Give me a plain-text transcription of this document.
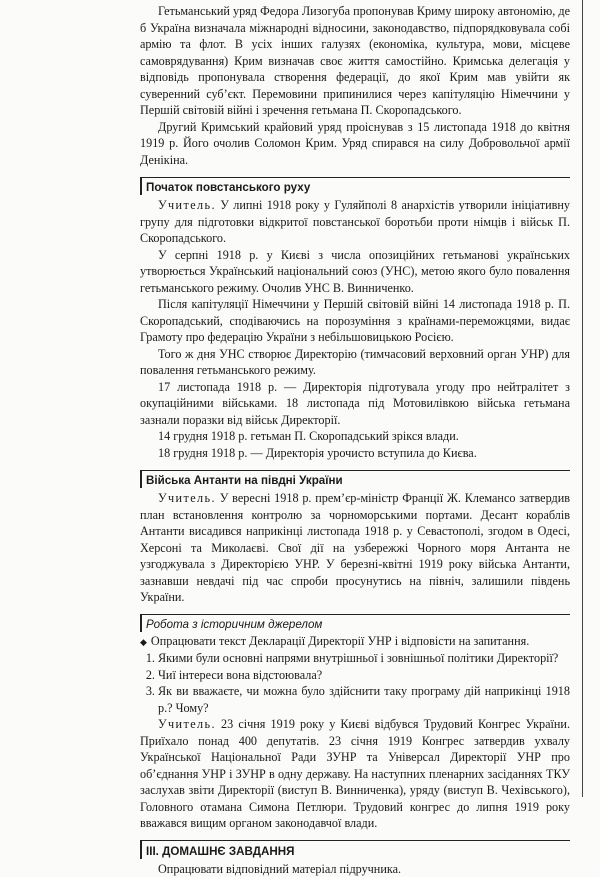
Гетьманський уряд Федора Лизогуба пропонував Криму широку автономію, де б Україна визначала міжнародні відносини, законодавство, підпорядковувала собі армію та флот. В усіх інших галузях (економіка, культура, мови, місцеве самоврядування) Крим визначав своє життя самостійно. Кримська делегація у відповідь пропонувала створення федерації, до якої Крим мав увійти як суверенний суб’єкт. Перемовини припинилися через капітуляцію Німеччини у Першій світовій війні і зречення гетьмана П. Скоропадського.

Другий Кримський крайовий уряд проіснував з 15 листопада 1918 до квітня 1919 р. Його очолив Соломон Крим. Уряд спирався на силу Добровольчої армії Денікіна.

Початок повстанського руху

Учитель. У липні 1918 року у Гуляйполі 8 анархістів утворили ініціативну групу для підготовки відкритої повстанської боротьби проти німців і військ П. Скоропадського.

У серпні 1918 р. у Києві з числа опозиційних гетьманові українських утворюється Український національний союз (УНС), метою якого було повалення гетьманського режиму. Очолив УНС В. Винниченко.

Після капітуляції Німеччини у Першій світовій війні 14 листопада 1918 р. П. Скоропадський, сподіваючись на порозуміння з країнами-переможцями, видає Грамоту про федерацію України з небільшовицькою Росією.

Того ж дня УНС створює Директорію (тимчасовий верховний орган УНР) для повалення гетьманського режиму.

17 листопада 1918 р. — Директорія підготувала угоду про нейтралітет з окупаційними військами. 18 листопада під Мотовилівкою війська гетьмана зазнали поразки від військ Директорії.

14 грудня 1918 р. гетьман П. Скоропадський зрікся влади.

18 грудня 1918 р. — Директорія урочисто вступила до Києва.

Війська Антанти на півдні України

Учитель. У вересні 1918 р. прем’єр-міністр Франції Ж. Клемансо затвердив план встановлення контролю за чорноморськими портами. Десант кораблів Антанти висадився наприкінці листопада 1918 р. у Севастополі, згодом в Одесі, Херсоні та Миколаєві. Свої дії на узбережжі Чорного моря Антанта не узгоджувала з Директорією УНР. У березні-квітні 1919 року війська Антанти, зазнавши невдачі під час спроби просунутись на північ, залишили південь України.

Робота з історичним джерелом

◆ Опрацювати текст Декларації Директорії УНР і відповісти на запитання.

1. Якими були основні напрями внутрішньої і зовнішньої політики Директорії?
2. Чиї інтереси вона відстоювала?
3. Як ви вважаєте, чи можна було здійснити таку програму дій наприкінці 1918 р.? Чому?

Учитель. 23 січня 1919 року у Києві відбувся Трудовий Конгрес України. Приїхало понад 400 депутатів. 23 січня 1919 Конгрес затвердив ухвалу Української Національної Ради ЗУНР та Універсал Директорії УНР про об’єднання УНР і ЗУНР в одну державу. На наступних пленарних засіданнях ТКУ заслухав звіти Директорії (виступ В. Винниченка), уряду (виступ В. Чехівського), Головного отамана Симона Петлюри. Трудовий конгрес до липня 1919 року вважався вищим органом законодавчої влади.

ІІІ. ДОМАШНЄ ЗАВДАННЯ

Опрацювати відповідний матеріал підручника.
